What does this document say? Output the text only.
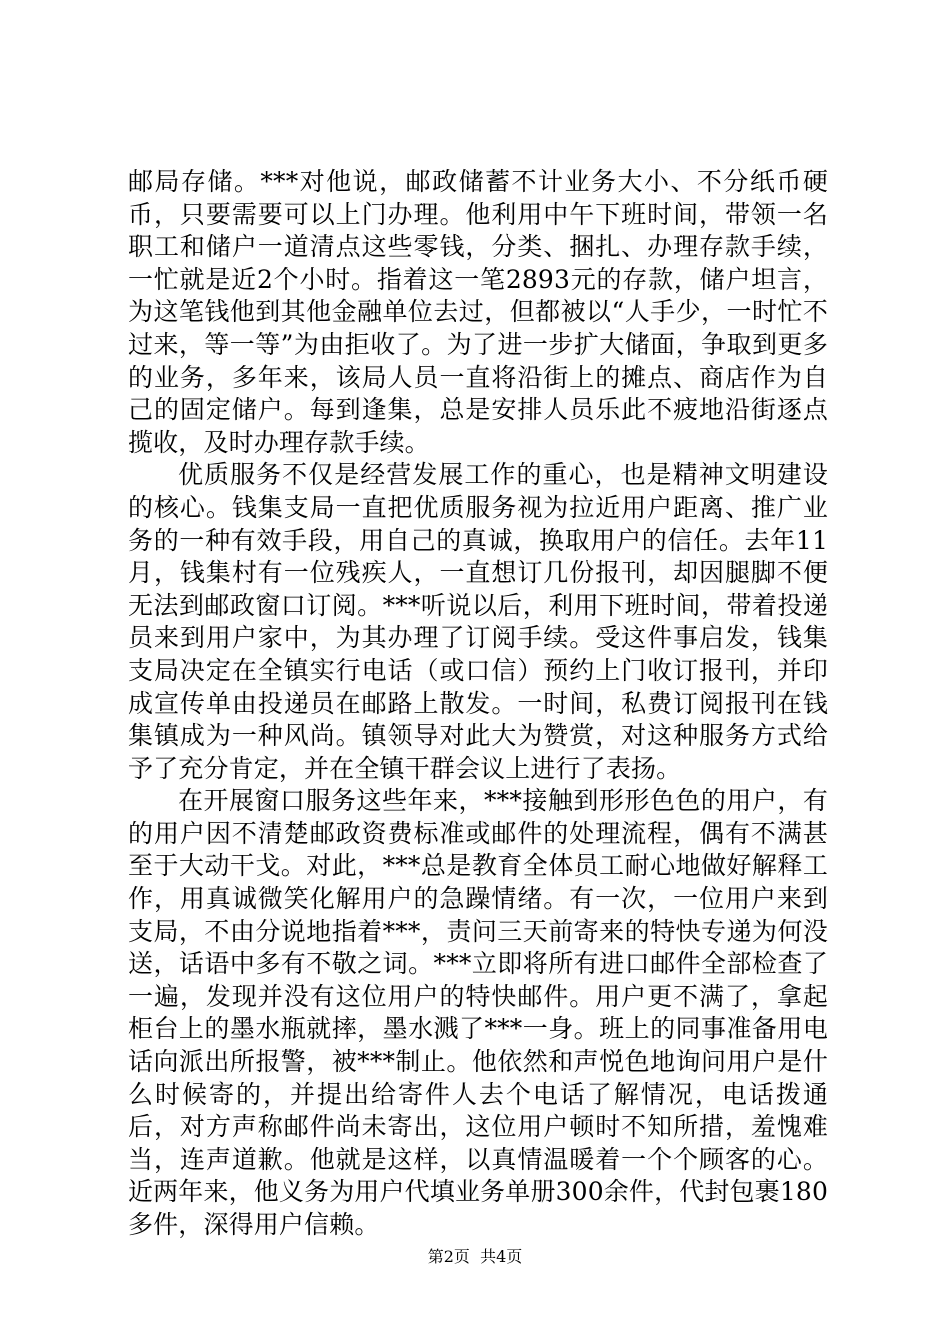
邮局存储。***对他说，邮政储蓄不计业务大小、不分纸币硬币，只要需要可以上门办理。他利用中午下班时间，带领一名职工和储户一道清点这些零钱，分类、捆扎、办理存款手续，一忙就是近2个小时。指着这一笔2893元的存款，储户坦言，为这笔钱他到其他金融单位去过，但都被以“人手少，一时忙不过来，等一等”为由拒收了。为了进一步扩大储面，争取到更多的业务，多年来，该局人员一直将沿街上的摊点、商店作为自己的固定储户。每到逢集，总是安排人员乐此不疲地沿街逐点揽收，及时办理存款手续。

优质服务不仅是经营发展工作的重心，也是精神文明建设的核心。钱集支局一直把优质服务视为拉近用户距离、推广业务的一种有效手段，用自己的真诚，换取用户的信任。去年11月，钱集村有一位残疾人，一直想订几份报刊，却因腿脚不便无法到邮政窗口订阅。***听说以后，利用下班时间，带着投递员来到用户家中，为其办理了订阅手续。受这件事启发，钱集支局决定在全镇实行电话（或口信）预约上门收订报刊，并印成宣传单由投递员在邮路上散发。一时间，私费订阅报刊在钱集镇成为一种风尚。镇领导对此大为赞赏，对这种服务方式给予了充分肯定，并在全镇干群会议上进行了表扬。

在开展窗口服务这些年来，***接触到形形色色的用户，有的用户因不清楚邮政资费标准或邮件的处理流程，偶有不满甚至于大动干戈。对此，***总是教育全体员工耐心地做好解释工作，用真诚微笑化解用户的急躁情绪。有一次，一位用户来到支局，不由分说地指着***，责问三天前寄来的特快专递为何没送，话语中多有不敬之词。***立即将所有进口邮件全部检查了一遍，发现并没有这位用户的特快邮件。用户更不满了，拿起柜台上的墨水瓶就摔，墨水溅了***一身。班上的同事准备用电话向派出所报警，被***制止。他依然和声悦色地询问用户是什么时候寄的，并提出给寄件人去个电话了解情况，电话拨通后，对方声称邮件尚未寄出，这位用户顿时不知所措，羞愧难当，连声道歉。他就是这样，以真情温暖着一个个顾客的心。近两年来，他义务为用户代填业务单册300余件，代封包裹180多件，深得用户信赖。

第2页  共4页
